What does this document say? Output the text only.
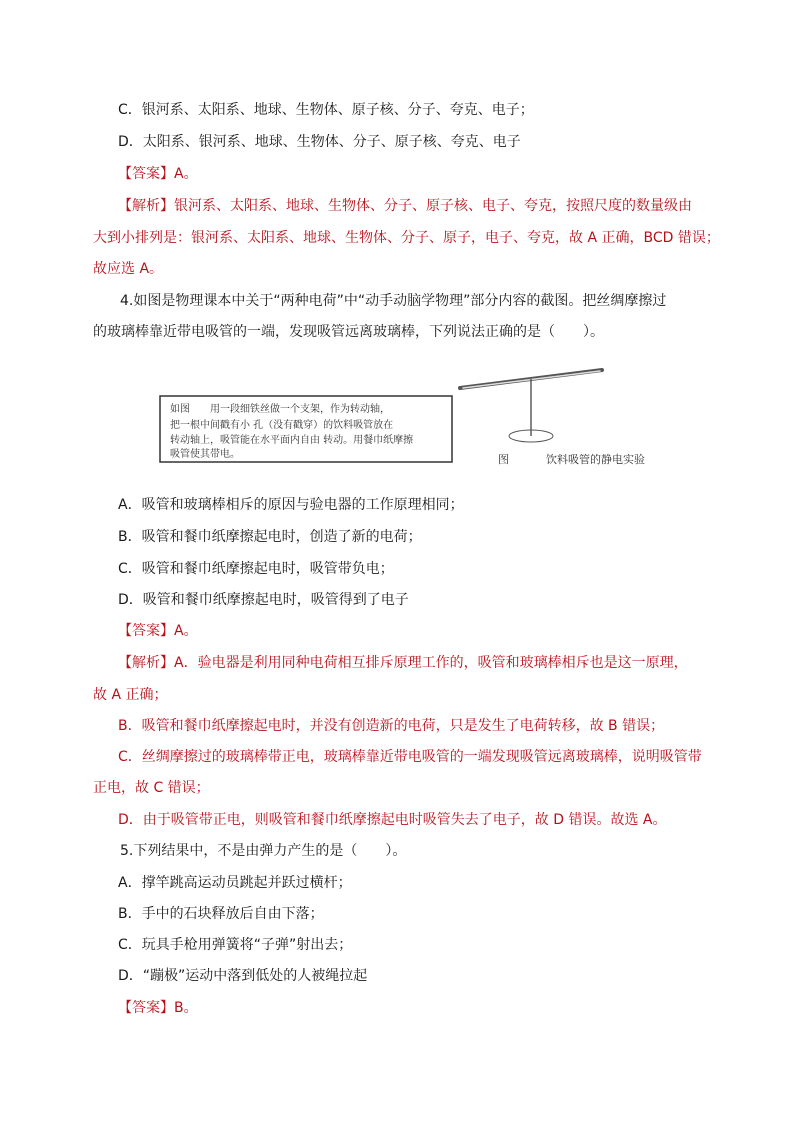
C．银河系、太阳系、地球、生物体、原子核、分子、夸克、电子；
D．太阳系、银河系、地球、生物体、分子、原子核、夸克、电子
【答案】A。
【解析】银河系、太阳系、地球、生物体、分子、原子核、电子、夸克，按照尺度的数量级由
大到小排列是：银河系、太阳系、地球、生物体、分子、原子，电子、夸克，故 A 正确，BCD 错误；
故应选 A。
4.如图是物理课本中关于“两种电荷”中“动手动脑学物理”部分内容的截图。把丝绸摩擦过
的玻璃棒靠近带电吸管的一端，发现吸管远离玻璃棒，下列说法正确的是（　　）。
如图　　用一段细铁丝做一个支架，作为转动轴，
把一根中间戳有小 孔（没有戳穿）的饮料吸管放在
转动轴上，吸管能在水平面内自由 转动。用餐巾纸摩擦
吸管使其带电。	图	饮料吸管的静电实验
A．吸管和玻璃棒相斥的原因与验电器的工作原理相同；
B．吸管和餐巾纸摩擦起电时，创造了新的电荷；
C．吸管和餐巾纸摩擦起电时，吸管带负电；
D．吸管和餐巾纸摩擦起电时，吸管得到了电子
【答案】A。
【解析】A．验电器是利用同种电荷相互排斥原理工作的，吸管和玻璃棒相斥也是这一原理，
故 A 正确；
B．吸管和餐巾纸摩擦起电时，并没有创造新的电荷，只是发生了电荷转移，故 B 错误；
C．丝绸摩擦过的玻璃棒带正电，玻璃棒靠近带电吸管的一端发现吸管远离玻璃棒，说明吸管带
正电，故 C 错误；
D．由于吸管带正电，则吸管和餐巾纸摩擦起电时吸管失去了电子，故 D 错误。故选 A。
5.下列结果中，不是由弹力产生的是（　　）。
A．撑竿跳高运动员跳起并跃过横杆；
B．手中的石块释放后自由下落；
C．玩具手枪用弹簧将“子弹”射出去；
D．“蹦极”运动中落到低处的人被绳拉起
【答案】B。
